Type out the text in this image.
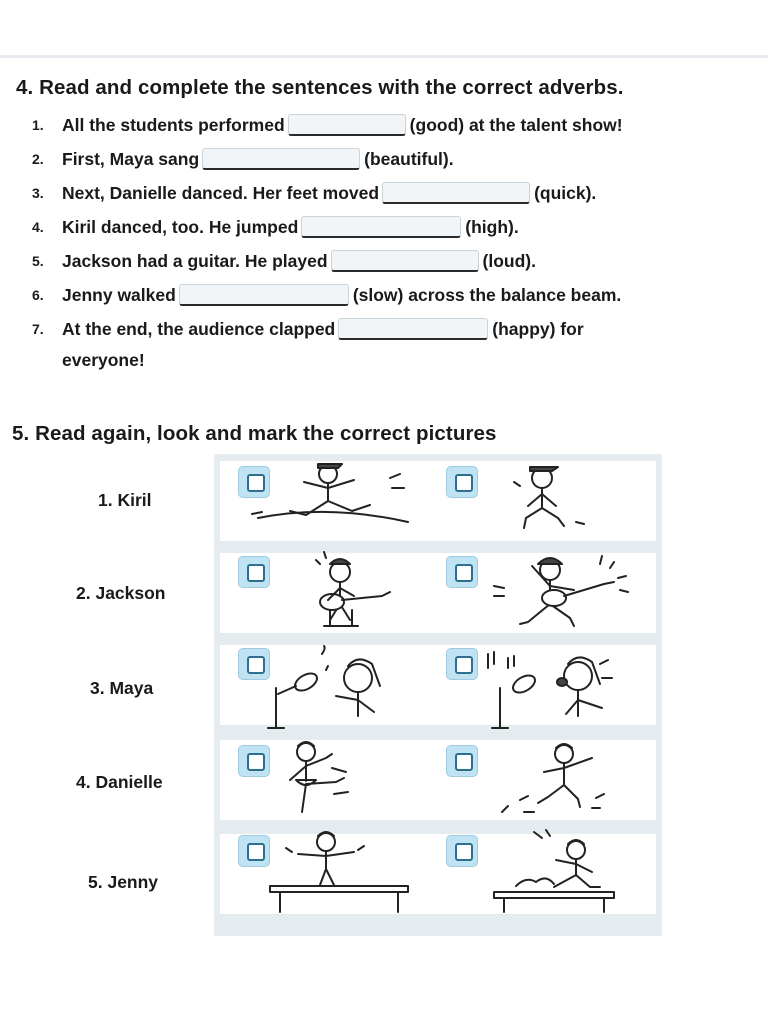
4. Read and complete the sentences with the correct adverbs.
1.	All the students performed	(good) at the talent show!
2.	First, Maya sang	(beautiful).
3.	Next, Danielle danced. Her feet moved	(quick).
4.	Kiril danced, too. He jumped	(high).
5.	Jackson had a guitar. He played	(loud).
6.	Jenny walked	(slow) across the balance beam.
7.	At the end, the audience clapped	(happy) for
everyone!
5. Read again, look and mark the correct pictures
1. Kiril
2. Jackson
3. Maya
4. Danielle
5. Jenny
